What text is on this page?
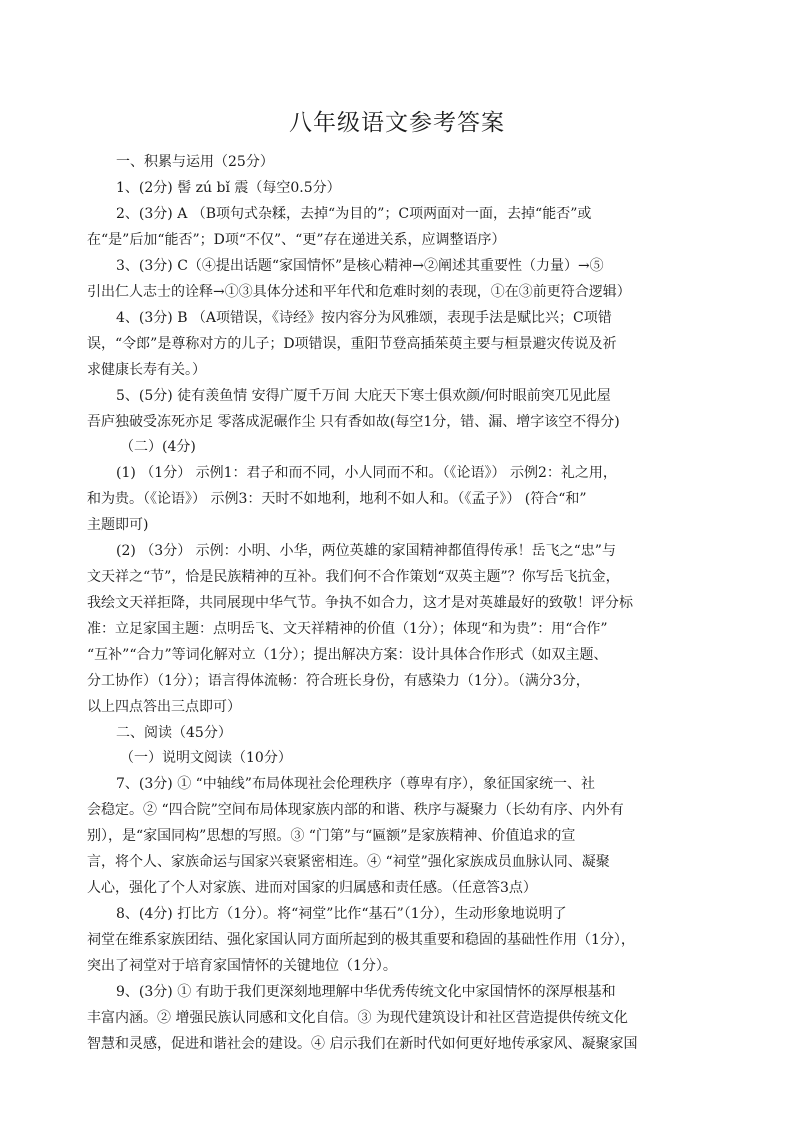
八年级语文参考答案
一、积累与运用（25分）
1、(2分) 髻 zú bǐ 震（每空0.5分）
2、(3分) A （B项句式杂糅，去掉“为目的”；C项两面对一面，去掉“能否”或
在“是”后加“能否”；D项“不仅”、“更”存在递进关系，应调整语序）
3、(3分) C（④提出话题“家国情怀”是核心精神→②阐述其重要性（力量）→⑤
引出仁人志士的诠释→①③具体分述和平年代和危难时刻的表现，①在③前更符合逻辑）
4、(3分) B （A项错误，《诗经》按内容分为风雅颂，表现手法是赋比兴；C项错
误，“令郎”是尊称对方的儿子；D项错误，重阳节登高插茱萸主要与桓景避灾传说及祈
求健康长寿有关。）
5、(5分) 徒有羡鱼情 安得广厦千万间 大庇天下寒士俱欢颜/何时眼前突兀见此屋
吾庐独破受冻死亦足 零落成泥碾作尘 只有香如故(每空1分，错、漏、增字该空不得分)
（二）(4分)
(1) （1分） 示例1：君子和而不同，小人同而不和。（《论语》） 示例2：礼之用，
和为贵。（《论语》） 示例3：天时不如地利，地利不如人和。（《孟子》） (符合“和”
主题即可)
(2) （3分） 示例：小明、小华，两位英雄的家国精神都值得传承！岳飞之“忠”与
文天祥之“节”，恰是民族精神的互补。我们何不合作策划“双英主题”？你写岳飞抗金，
我绘文天祥拒降，共同展现中华气节。争执不如合力，这才是对英雄最好的致敬！评分标
准：立足家国主题：点明岳飞、文天祥精神的价值（1分）；体现“和为贵”：用“合作”
“互补”“合力”等词化解对立（1分）；提出解决方案：设计具体合作形式（如双主题、
分工协作）（1分）；语言得体流畅：符合班长身份，有感染力（1分）。（满分3分，
以上四点答出三点即可）
二、阅读（45分）
（一）说明文阅读（10分）
7、(3分) ① “中轴线”布局体现社会伦理秩序（尊卑有序），象征国家统一、社
会稳定。② “四合院”空间布局体现家族内部的和谐、秩序与凝聚力（长幼有序、内外有
别），是“家国同构”思想的写照。③ “门第”与“匾额”是家族精神、价值追求的宣
言，将个人、家族命运与国家兴衰紧密相连。④ “祠堂”强化家族成员血脉认同、凝聚
人心，强化了个人对家族、进而对国家的归属感和责任感。（任意答3点）
8、(4分) 打比方（1分）。将“祠堂”比作“基石”（1分），生动形象地说明了
祠堂在维系家族团结、强化家国认同方面所起到的极其重要和稳固的基础性作用（1分），
突出了祠堂对于培育家国情怀的关键地位（1分）。
9、(3分) ① 有助于我们更深刻地理解中华优秀传统文化中家国情怀的深厚根基和
丰富内涵。② 增强民族认同感和文化自信。③ 为现代建筑设计和社区营造提供传统文化
智慧和灵感，促进和谐社会的建设。④ 启示我们在新时代如何更好地传承家风、凝聚家国
